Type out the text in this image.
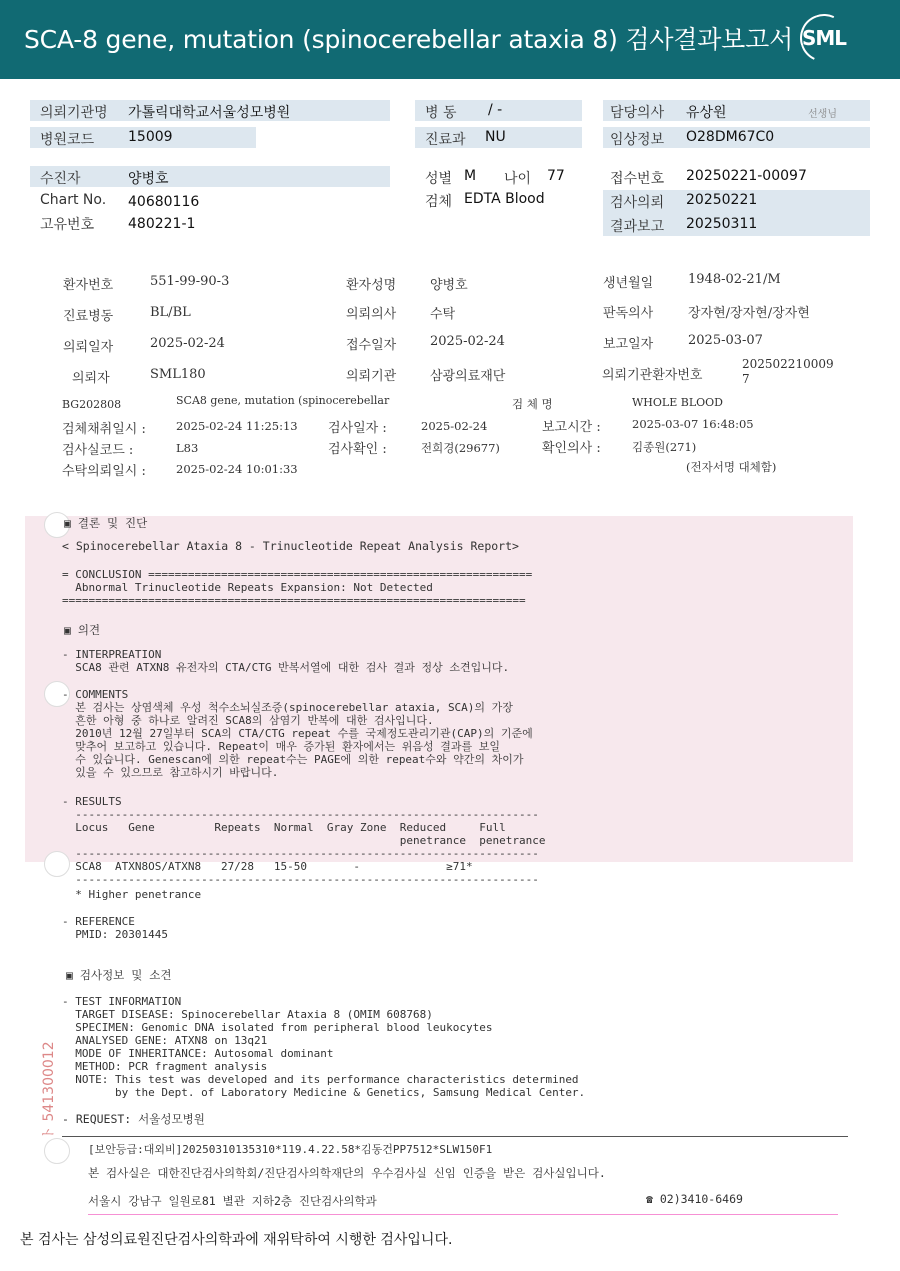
SCA-8 gene, mutation (spinocerebellar ataxia 8) 검사결과보고서 SML
의뢰기관명 가톨릭대학교서울성모병원
병원코드 15009
병 동 / -
진료과 NU
담당의사 유상원	선생님
임상정보 O28DM67C0
수진자	양병호
Chart No. 40680116
고유번호 480221-1
성별 M 나이 77
검체 EDTA Blood
접수번호 20250221-00097
검사의뢰 20250221
결과보고 20250311
환자번호	551-99-90-3	환자성명	양병호	생년월일	1948-02-21/M
진료병동	BL/BL	의뢰의사	수탁	판독의사	장자현/장자현/장자현
의뢰일자	2025-02-24	접수일자	2025-02-24	보고일자	2025-03-07
의뢰자	SML180	의뢰기관	삼광의료재단	의뢰기관환자번호
202502210009
7
BG202808	SCA8 gene, mutation (spinocerebellar	검 체 명	WHOLE BLOOD
검체채취일시 :	2025-02-24 11:25:13 검사일자 :	2025-02-24	보고시간 :	2025-03-07 16:48:05
검사실코드 :	L83	검사확인 :	전희경(29677)	확인의사 :	김종원(271)
수탁의뢰일시 :	2025-02-24 10:01:33	(전자서명 대체함)
▣ 결론 및 진단
< Spinocerebellar Ataxia 8 - Trinucleotide Repeat Analysis Report>
= CONCLUSION ==========================================================
Abnormal Trinucleotide Repeats Expansion: Not Detected
======================================================================
▣ 의견
- INTERPREATION
SCA8 관련 ATXN8 유전자의 CTA/CTG 반복서열에 대한 검사 결과 정상 소견입니다.
- COMMENTS
본 검사는 상염색체 우성 척수소뇌실조증(spinocerebellar ataxia, SCA)의 가장
흔한 아형 중 하나로 알려진 SCA8의 삼염기 반복에 대한 검사입니다.
2010년 12월 27일부터 SCA의 CTA/CTG repeat 수를 국제정도관리기관(CAP)의 기준에
맞추어 보고하고 있습니다. Repeat이 매우 증가된 환자에서는 위음성 결과를 보일
수 있습니다. Genescan에 의한 repeat수는 PAGE에 의한 repeat수와 약간의 차이가
있을 수 있으므로 참고하시기 바랍니다.
- RESULTS
----------------------------------------------------------------------
Locus   Gene         Repeats  Normal  Gray Zone  Reduced     Full
penetrance  penetrance
----------------------------------------------------------------------
SCA8  ATXN8OS/ATXN8   27/28   15-50       -             ≥71*
----------------------------------------------------------------------
* Higher penetrance
- REFERENCE
PMID: 20301445
▣ 검사정보 및 소견
- TEST INFORMATION
TARGET DISEASE: Spinocerebellar Ataxia 8 (OMIM 608768)
SPECIMEN: Genomic DNA isolated from peripheral blood leukocytes
ANALYSED GENE: ATXN8 on 13q21
MODE OF INHERITANCE: Autosomal dominant
METHOD: PCR fragment analysis
NOTE: This test was developed and its performance characteristics determined
by the Dept. of Laboratory Medicine & Genetics, Samsung Medical Center.
- REQUEST: 서울성모병원
[보안등급:대외비]20250310135310*119.4.22.58*김동건PP7512*SLW150F1
본 검사실은 대한진단검사의학회/진단검사의학재단의 우수검사실 신임 인증을 받은 검사실입니다.
서울시 강남구 일원로81 별관 지하2층 진단검사의학과	☎ 02)3410-6469
ト 541300012
본 검사는 삼성의료원진단검사의학과에 재위탁하여 시행한 검사입니다.
